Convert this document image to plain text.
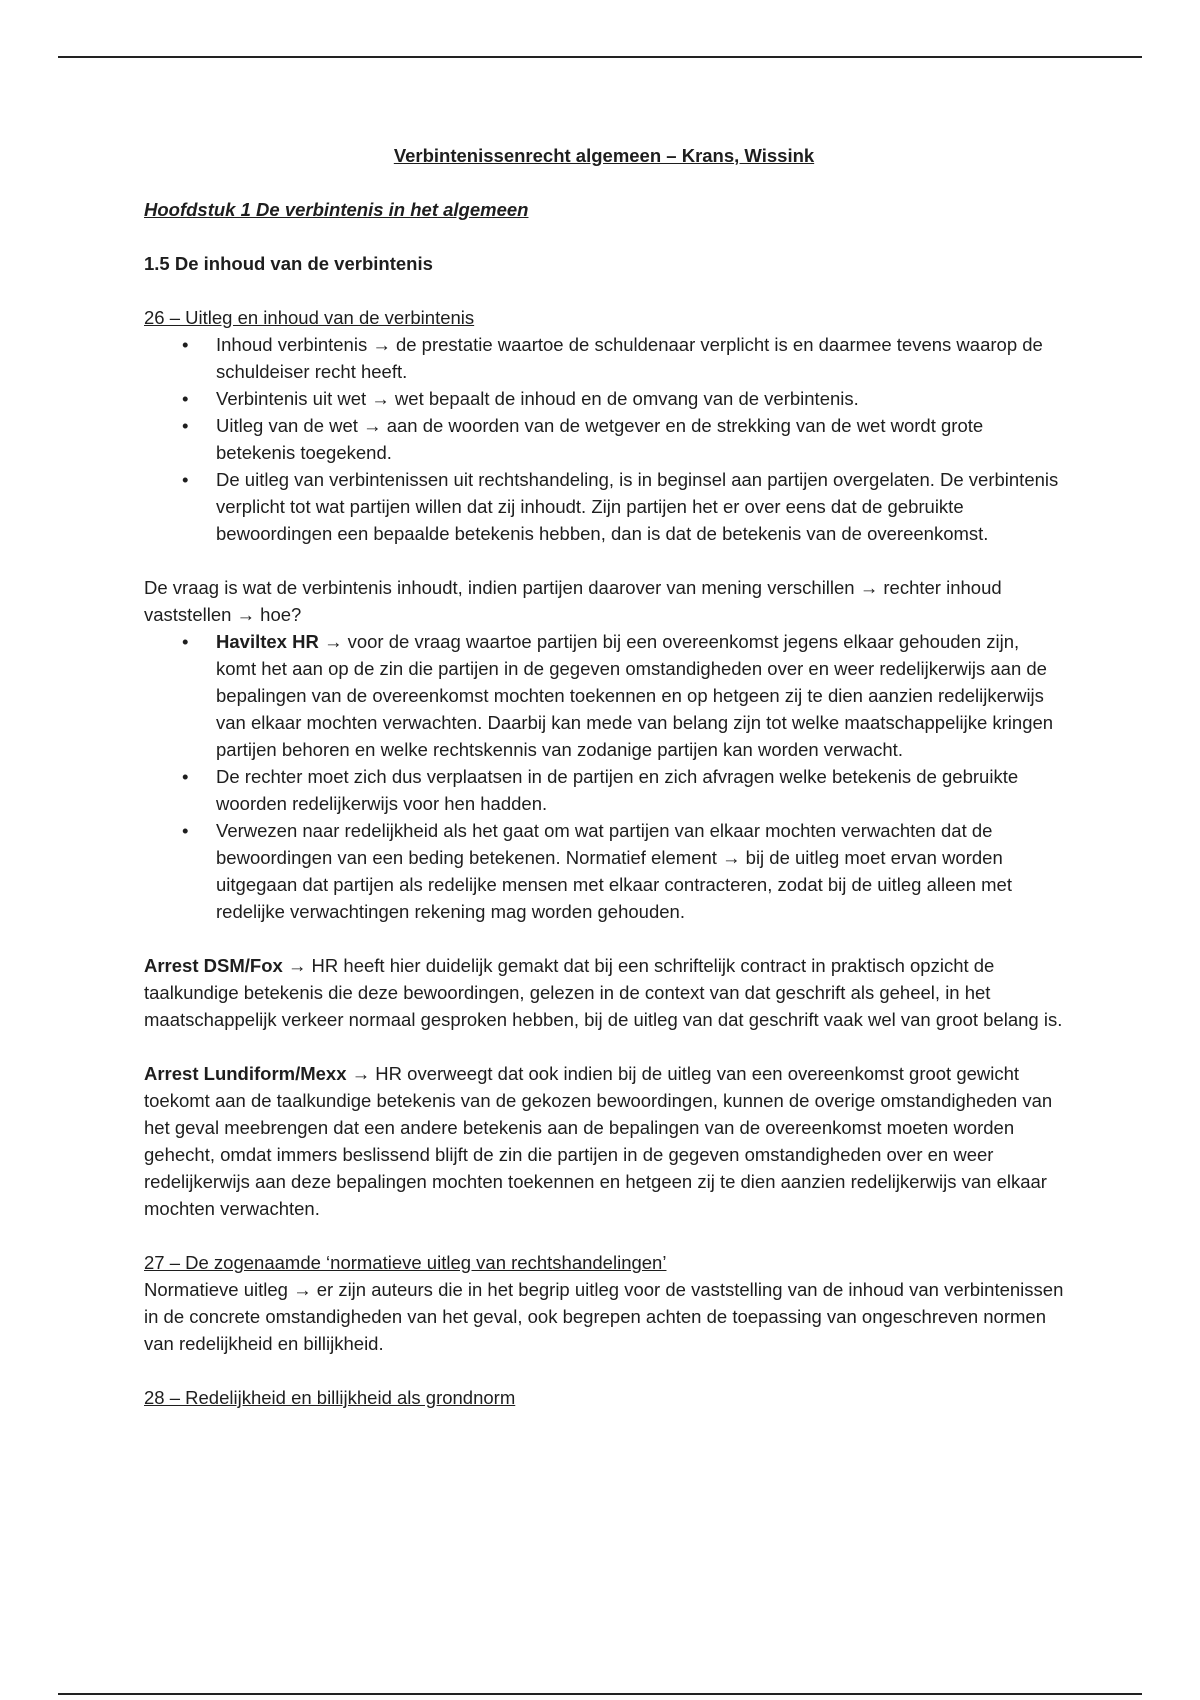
Verbintenissenrecht algemeen – Krans, Wissink

Hoofdstuk 1 De verbintenis in het algemeen

1.5 De inhoud van de verbintenis

26 – Uitleg en inhoud van de verbintenis

• Inhoud verbintenis → de prestatie waartoe de schuldenaar verplicht is en daarmee tevens waarop de schuldeiser recht heeft.
• Verbintenis uit wet → wet bepaalt de inhoud en de omvang van de verbintenis.
• Uitleg van de wet → aan de woorden van de wetgever en de strekking van de wet wordt grote betekenis toegekend.
• De uitleg van verbintenissen uit rechtshandeling, is in beginsel aan partijen overgelaten. De verbintenis verplicht tot wat partijen willen dat zij inhoudt. Zijn partijen het er over eens dat de gebruikte bewoordingen een bepaalde betekenis hebben, dan is dat de betekenis van de overeenkomst.

De vraag is wat de verbintenis inhoudt, indien partijen daarover van mening verschillen → rechter inhoud vaststellen → hoe?

• Haviltex HR → voor de vraag waartoe partijen bij een overeenkomst jegens elkaar gehouden zijn, komt het aan op de zin die partijen in de gegeven omstandigheden over en weer redelijkerwijs aan de bepalingen van de overeenkomst mochten toekennen en op hetgeen zij te dien aanzien redelijkerwijs van elkaar mochten verwachten. Daarbij kan mede van belang zijn tot welke maatschappelijke kringen partijen behoren en welke rechtskennis van zodanige partijen kan worden verwacht.
• De rechter moet zich dus verplaatsen in de partijen en zich afvragen welke betekenis de gebruikte woorden redelijkerwijs voor hen hadden.
• Verwezen naar redelijkheid als het gaat om wat partijen van elkaar mochten verwachten dat de bewoordingen van een beding betekenen. Normatief element → bij de uitleg moet ervan worden uitgegaan dat partijen als redelijke mensen met elkaar contracteren, zodat bij de uitleg alleen met redelijke verwachtingen rekening mag worden gehouden.

Arrest DSM/Fox → HR heeft hier duidelijk gemakt dat bij een schriftelijk contract in praktisch opzicht de taalkundige betekenis die deze bewoordingen, gelezen in de context van dat geschrift als geheel, in het maatschappelijk verkeer normaal gesproken hebben, bij de uitleg van dat geschrift vaak wel van groot belang is.

Arrest Lundiform/Mexx → HR overweegt dat ook indien bij de uitleg van een overeenkomst groot gewicht toekomt aan de taalkundige betekenis van de gekozen bewoordingen, kunnen de overige omstandigheden van het geval meebrengen dat een andere betekenis aan de bepalingen van de overeenkomst moeten worden gehecht, omdat immers beslissend blijft de zin die partijen in de gegeven omstandigheden over en weer redelijkerwijs aan deze bepalingen mochten toekennen en hetgeen zij te dien aanzien redelijkerwijs van elkaar mochten verwachten.

27 – De zogenaamde ‘normatieve uitleg van rechtshandelingen’

Normatieve uitleg → er zijn auteurs die in het begrip uitleg voor de vaststelling van de inhoud van verbintenissen in de concrete omstandigheden van het geval, ook begrepen achten de toepassing van ongeschreven normen van redelijkheid en billijkheid.

28 – Redelijkheid en billijkheid als grondnorm
